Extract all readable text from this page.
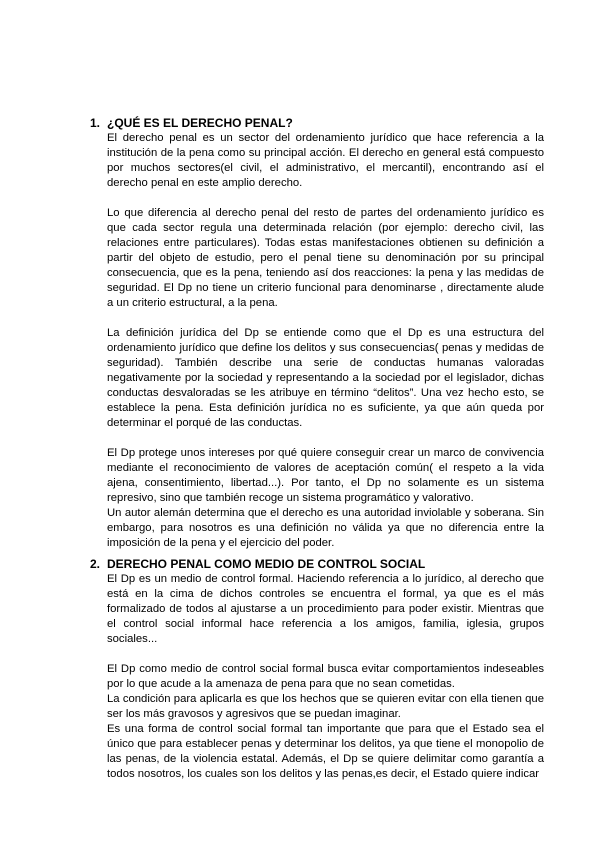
1. ¿QUÉ ES EL DERECHO PENAL?

El derecho penal es un sector del ordenamiento jurídico que hace referencia a la institución de la pena como su principal acción. El derecho en general está compuesto por muchos sectores(el civil, el administrativo, el mercantil), encontrando así el derecho penal en este amplio derecho.

Lo que diferencia al derecho penal del resto de partes del ordenamiento jurídico es que cada sector regula una determinada relación (por ejemplo: derecho civil, las relaciones entre particulares). Todas estas manifestaciones obtienen su definición a partir del objeto de estudio, pero el penal tiene su denominación por su principal consecuencia, que es la pena, teniendo así dos reacciones: la pena y las medidas de seguridad. El Dp no tiene un criterio funcional para denominarse , directamente alude a un criterio estructural, a la pena.

La definición jurídica del Dp se entiende como que el Dp es una estructura del ordenamiento jurídico que define los delitos y sus consecuencias( penas y medidas de seguridad). También describe una serie de conductas humanas valoradas negativamente por la sociedad y representando a la sociedad por el legislador, dichas conductas desvaloradas se les atribuye en término “delitos”. Una vez hecho esto, se establece la pena. Esta definición jurídica no es suficiente, ya que aún queda por determinar el porqué de las conductas.

El Dp protege unos intereses por qué quiere conseguir crear un marco de convivencia mediante el reconocimiento de valores de aceptación común( el respeto a la vida ajena, consentimiento, libertad...). Por tanto, el Dp no solamente es un sistema represivo, sino que también recoge un sistema programático y valorativo.

Un autor alemán determina que el derecho es una autoridad inviolable y soberana. Sin embargo, para nosotros es una definición no válida ya que no diferencia entre la imposición de la pena y el ejercicio del poder.

2. DERECHO PENAL COMO MEDIO DE CONTROL SOCIAL

El Dp es un medio de control formal. Haciendo referencia a lo jurídico, al derecho que está en la cima de dichos controles se encuentra el formal, ya que es el más formalizado de todos al ajustarse a un procedimiento para poder existir. Mientras que el control social informal hace referencia a los amigos, familia, iglesia, grupos sociales...

El Dp como medio de control social formal busca evitar comportamientos indeseables por lo que acude a la amenaza de pena para que no sean cometidas.

La condición para aplicarla es que los hechos que se quieren evitar con ella tienen que ser los más gravosos y agresivos que se puedan imaginar.

Es una forma de control social formal tan importante que para que el Estado sea el único que para establecer penas y determinar los delitos, ya que tiene el monopolio de las penas, de la violencia estatal. Además, el Dp se quiere delimitar como garantía a todos nosotros, los cuales son los delitos y las penas,es decir, el Estado quiere indicar
